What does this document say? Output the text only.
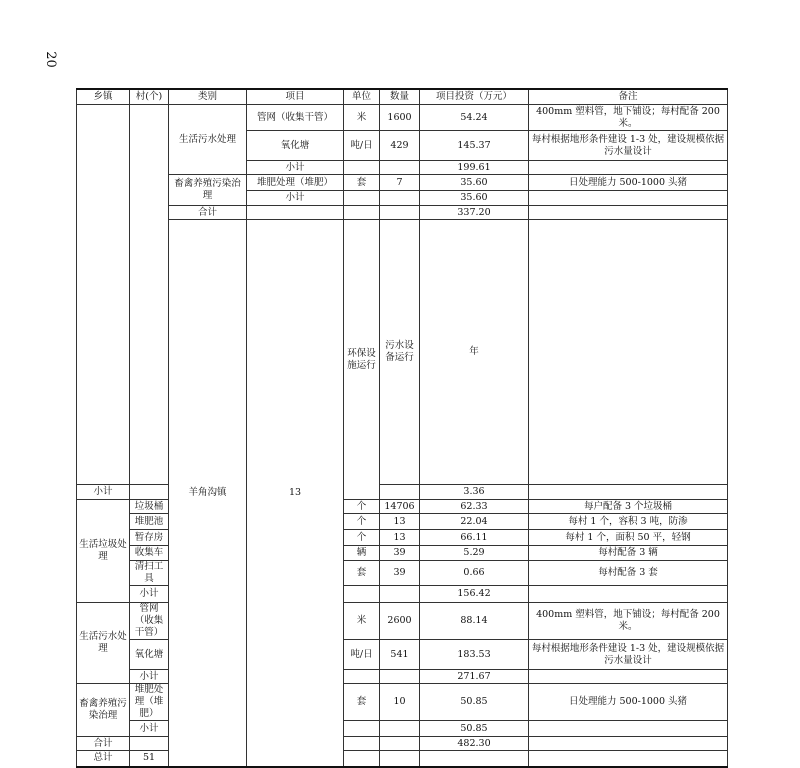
20
乡镇	村(个)	类别	项目	单位	数量	项目投资（万元）	备注	
		生活污水处理	管网（收集干管）	米	1600	54.24	400mm 塑料管，地下铺设；每村配备 200 米。	
			氧化塘	吨/日	429	145.37	每村根据地形条件建设 1-3 处，建设规模依据污水量设计	
			小计			199.61		
		畜禽养殖污染治理	堆肥处理（堆肥）	套	7	35.60	日处理能力 500-1000 头猪	
			小计			35.60		
		合计				337.20		
		羊角沟镇	13	环保设施运行	污水设备运行	年			
小计						3.36		
生活垃圾处理	垃圾桶			个	14706	62.33	每户配备 3 个垃圾桶	
	堆肥池			个	13	22.04	每村 1 个，容积 3 吨，防渗	
	暂存房			个	13	66.11	每村 1 个，面积 50 平，轻钢	
	收集车			辆	39	5.29	每村配备 3 辆	
	清扫工具			套	39	0.66	每村配备 3 套	
	小计					156.42		
生活污水处理	管网（收集干管）			米	2600	88.14	400mm 塑料管，地下铺设；每村配备 200 米。	
	氧化塘			吨/日	541	183.53	每村根据地形条件建设 1-3 处，建设规模依据污水量设计	
	小计					271.67		
畜禽养殖污染治理	堆肥处理（堆肥）			套	10	50.85	日处理能力 500-1000 头猪	
	小计					50.85		
合计						482.30		
总计	51						
